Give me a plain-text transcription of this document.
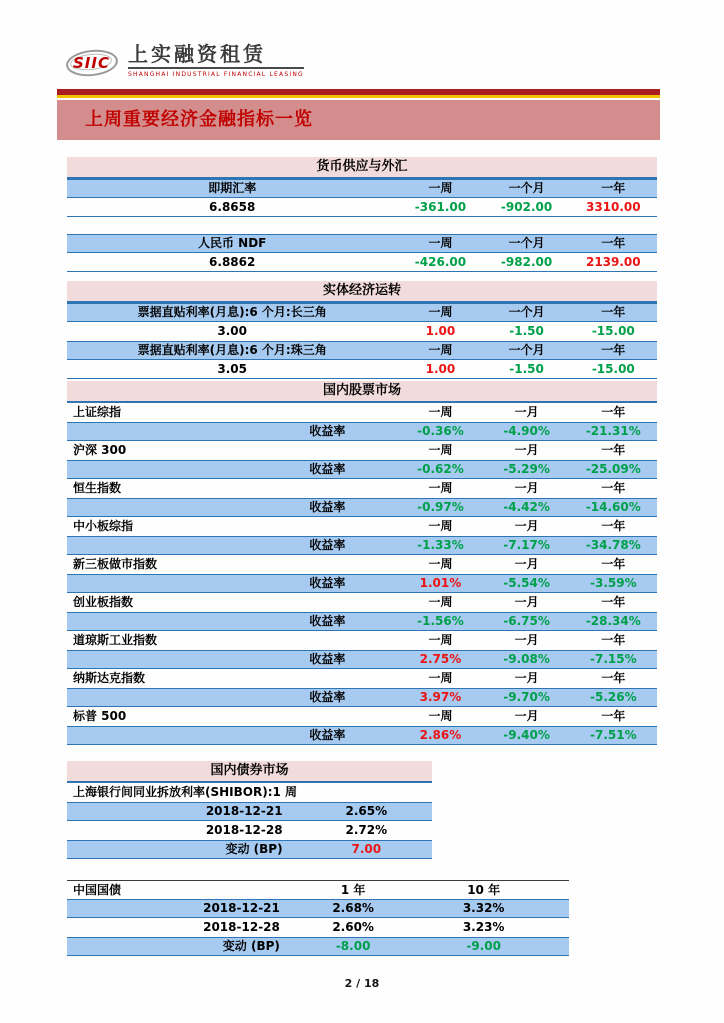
SIIC 上实融资租赁
SHANGHAI INDUSTRIAL FINANCIAL LEASING
上周重要经济金融指标一览
货币供应与外汇
即期汇率	一周	一个月	一年
6.8658	-361.00	-902.00	3310.00
人民币 NDF	一周	一个月	一年
6.8862	-426.00	-982.00	2139.00
实体经济运转
票据直贴利率(月息):6 个月:长三角	一周	一个月	一年
3.00	1.00	-1.50	-15.00
票据直贴利率(月息):6 个月:珠三角	一周	一个月	一年
3.05	1.00	-1.50	-15.00
国内股票市场
上证综指	一周	一月	一年
收益率	-0.36%	-4.90%	-21.31%
沪深 300	一周	一月	一年
收益率	-0.62%	-5.29%	-25.09%
恒生指数	一周	一月	一年
收益率	-0.97%	-4.42%	-14.60%
中小板综指	一周	一月	一年
收益率	-1.33%	-7.17%	-34.78%
新三板做市指数	一周	一月	一年
收益率	1.01%	-5.54%	-3.59%
创业板指数	一周	一月	一年
收益率	-1.56%	-6.75%	-28.34%
道琼斯工业指数	一周	一月	一年
收益率	2.75%	-9.08%	-7.15%
纳斯达克指数	一周	一月	一年
收益率	3.97%	-9.70%	-5.26%
标普 500	一周	一月	一年
收益率	2.86%	-9.40%	-7.51%
国内债券市场
上海银行间同业拆放利率(SHIBOR):1 周
2018-12-21	2.65%
2018-12-28	2.72%
变动 (BP)	7.00
中国国债	1 年	10 年
2018-12-21	2.68%	3.32%
2018-12-28	2.60%	3.23%
变动 (BP)	-8.00	-9.00
2 / 18
